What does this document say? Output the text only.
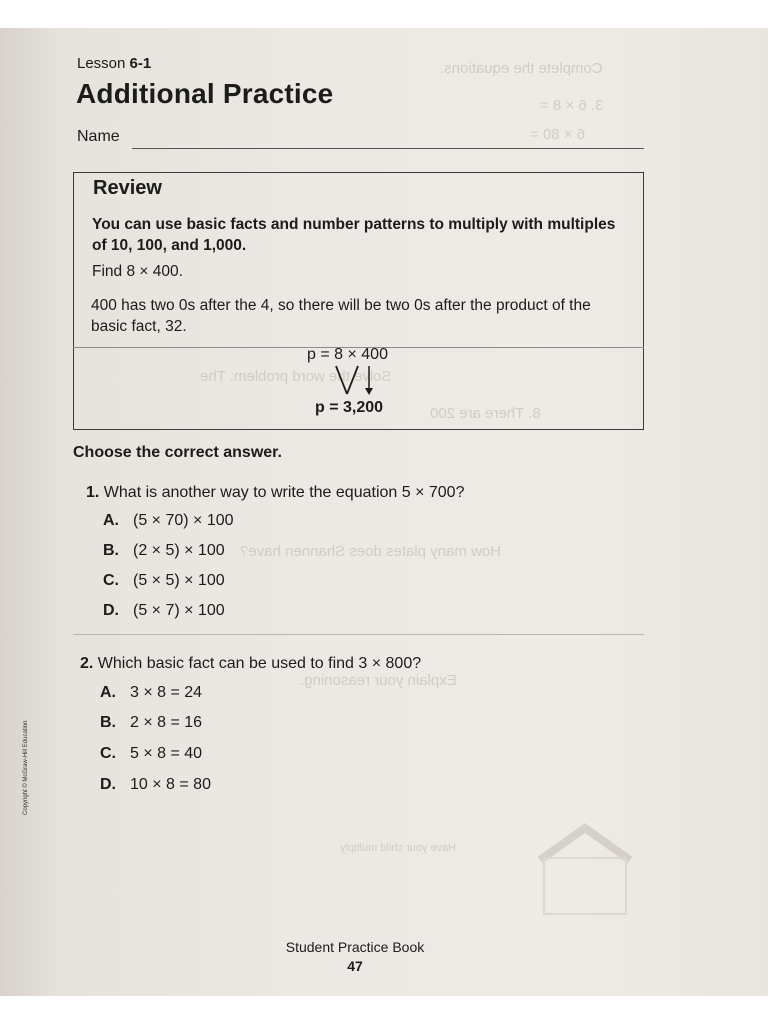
Complete the equations.
3. 6 × 8 =
6 × 80 =
Solve the word problem. The
8. There are 200
How many plates does Shannen have?
Explain your reasoning.
Have your child multiply
Lesson 6-1
Additional Practice
Name
Review
You can use basic facts and number patterns to multiply with multiples of 10, 100, and 1,000.
Find 8 × 400.
400 has two 0s after the 4, so there will be two 0s after the product of the basic fact, 32.
p = 8 × 400
p = 3,200
Choose the correct answer.
1. What is another way to write the equation 5 × 700?
A. (5 × 70) × 100
B. (2 × 5) × 100
C. (5 × 5) × 100
D. (5 × 7) × 100
2. Which basic fact can be used to find 3 × 800?
A. 3 × 8 = 24
B. 2 × 8 = 16
C. 5 × 8 = 40
D. 10 × 8 = 80
Copyright © McGraw-Hill Education
Student Practice Book
47
